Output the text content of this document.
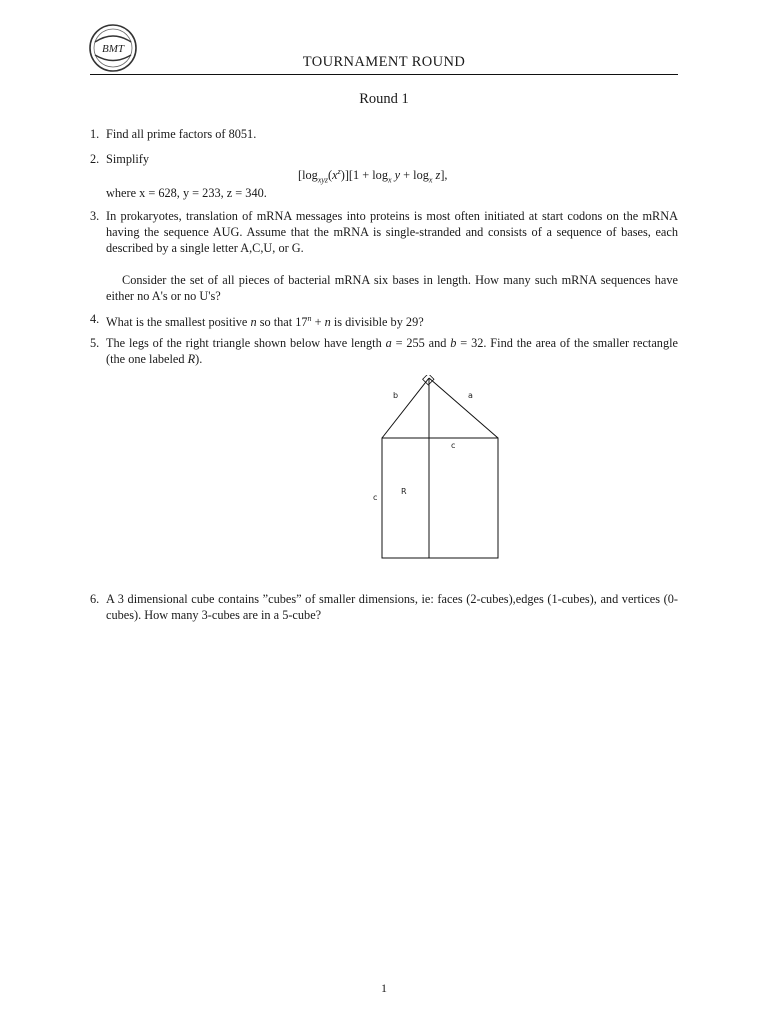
BMT
TOURNAMENT ROUND
Round 1
1. Find all prime factors of 8051.
2. Simplify
$[\log_{xyz}(x^z)][1 + \log_x y + \log_x z]$,
where x = 628, y = 233, z = 340.
3. In prokaryotes, translation of mRNA messages into proteins is most often initiated at start codons on the mRNA having the sequence AUG. Assume that the mRNA is single-stranded and consists of a sequence of bases, each described by a single letter A,C,U, or G.
Consider the set of all pieces of bacterial mRNA six bases in length. How many such mRNA sequences have either no A's or no U's?
4. What is the smallest positive n so that $17^n + n$ is divisible by 29?
5. The legs of the right triangle shown below have length a = 255 and b = 32. Find the area of the smaller rectangle (the one labeled R).
b	a
c
c
R
6. A 3 dimensional cube contains ”cubes” of smaller dimensions, ie: faces (2-cubes),edges (1-cubes), and vertices (0-cubes). How many 3-cubes are in a 5-cube?
1
